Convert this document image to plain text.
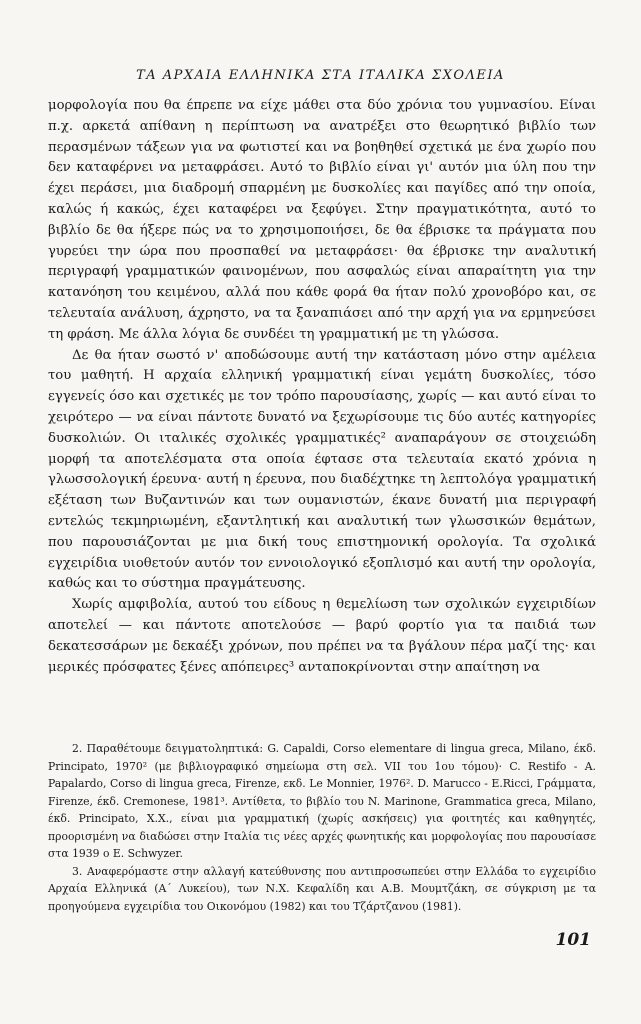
ΤΑ ΑΡΧΑΙΑ ΕΛΛΗΝΙΚΑ ΣΤΑ ΙΤΑΛΙΚΑ ΣΧΟΛΕΙΑ

μορφολογία που θα έπρεπε να είχε μάθει στα δύο χρόνια του γυμνασίου. Είναι π.χ. αρκετά απίθανη η περίπτωση να ανατρέξει στο θεωρητικό βιβλίο των περασμένων τάξεων για να φωτιστεί και να βοηθηθεί σχετικά με ένα χωρίο που δεν καταφέρνει να μεταφράσει. Αυτό το βιβλίο είναι γι' αυτόν μια ύλη που την έχει περάσει, μια διαδρομή σπαρμένη με δυσκολίες και παγίδες από την οποία, καλώς ή κακώς, έχει καταφέρει να ξεφύγει. Στην πραγματικότητα, αυτό το βιβλίο δε θα ήξερε πώς να το χρησιμοποιήσει, δε θα έβρισκε τα πράγματα που γυρεύει την ώρα που προσπαθεί να μεταφράσει· θα έβρισκε την αναλυτική περιγραφή γραμματικών φαινομένων, που ασφαλώς είναι απαραίτητη για την κατανόηση του κειμένου, αλλά που κάθε φορά θα ήταν πολύ χρονοβόρο και, σε τελευταία ανάλυση, άχρηστο, να τα ξαναπιάσει από την αρχή για να ερμηνεύσει τη φράση. Με άλλα λόγια δε συνδέει τη γραμματική με τη γλώσσα.

Δε θα ήταν σωστό ν' αποδώσουμε αυτή την κατάσταση μόνο στην αμέλεια του μαθητή. Η αρχαία ελληνική γραμματική είναι γεμάτη δυσκολίες, τόσο εγγενείς όσο και σχετικές με τον τρόπο παρουσίασης, χωρίς — και αυτό είναι το χειρότερο — να είναι πάντοτε δυνατό να ξεχωρίσουμε τις δύο αυτές κατηγορίες δυσκολιών. Οι ιταλικές σχολικές γραμματικές² αναπαράγουν σε στοιχειώδη μορφή τα αποτελέσματα στα οποία έφτασε στα τελευταία εκατό χρόνια η γλωσσολογική έρευνα· αυτή η έρευνα, που διαδέχτηκε τη λεπτολόγα γραμματική εξέταση των Βυζαντινών και των ουμανιστών, έκανε δυνατή μια περιγραφή εντελώς τεκμηριωμένη, εξαντλητική και αναλυτική των γλωσσικών θεμάτων, που παρουσιάζονται με μια δική τους επιστημονική ορολογία. Τα σχολικά εγχειρίδια υιοθετούν αυτόν τον εννοιολογικό εξοπλισμό και αυτή την ορολογία, καθώς και το σύστημα πραγμάτευσης.

Χωρίς αμφιβολία, αυτού του είδους η θεμελίωση των σχολικών εγχειριδίων αποτελεί — και πάντοτε αποτελούσε — βαρύ φορτίο για τα παιδιά των δεκατεσσάρων με δεκαέξι χρόνων, που πρέπει να τα βγάλουν πέρα μαζί της· και μερικές πρόσφατες ξένες απόπειρες³ ανταποκρίνονται στην απαίτηση να

2. Παραθέτουμε δειγματοληπτικά: G. Capaldi, Corso elementare di lingua greca, Milano, έκδ. Principato, 1970² (με βιβλιογραφικό σημείωμα στη σελ. VII του 1ου τόμου)· C. Restifo - A. Papalardo, Corso di lingua greca, Firenze, εκδ. Le Monnier, 1976². D. Marucco - E.Ricci, Γράμματα, Firenze, έκδ. Cremonese, 1981³. Αντίθετα, το βιβλίο του N. Marinone, Grammatica greca, Milano, έκδ. Principato, Χ.Χ., είναι μια γραμματική (χωρίς ασκήσεις) για φοιτητές και καθηγητές, προορισμένη να διαδώσει στην Ιταλία τις νέες αρχές φωνητικής και μορφολογίας που παρουσίασε στα 1939 ο E. Schwyzer.

3. Αναφερόμαστε στην αλλαγή κατεύθυνσης που αντιπροσωπεύει στην Ελλάδα το εγχειρίδιο Αρχαία Ελληνικά (Α΄ Λυκείου), των Ν.Χ. Κεφαλίδη και Α.Β. Μουμτζάκη, σε σύγκριση με τα προηγούμενα εγχειρίδια του Οικονόμου (1982) και του Τζάρτζανου (1981).

101
